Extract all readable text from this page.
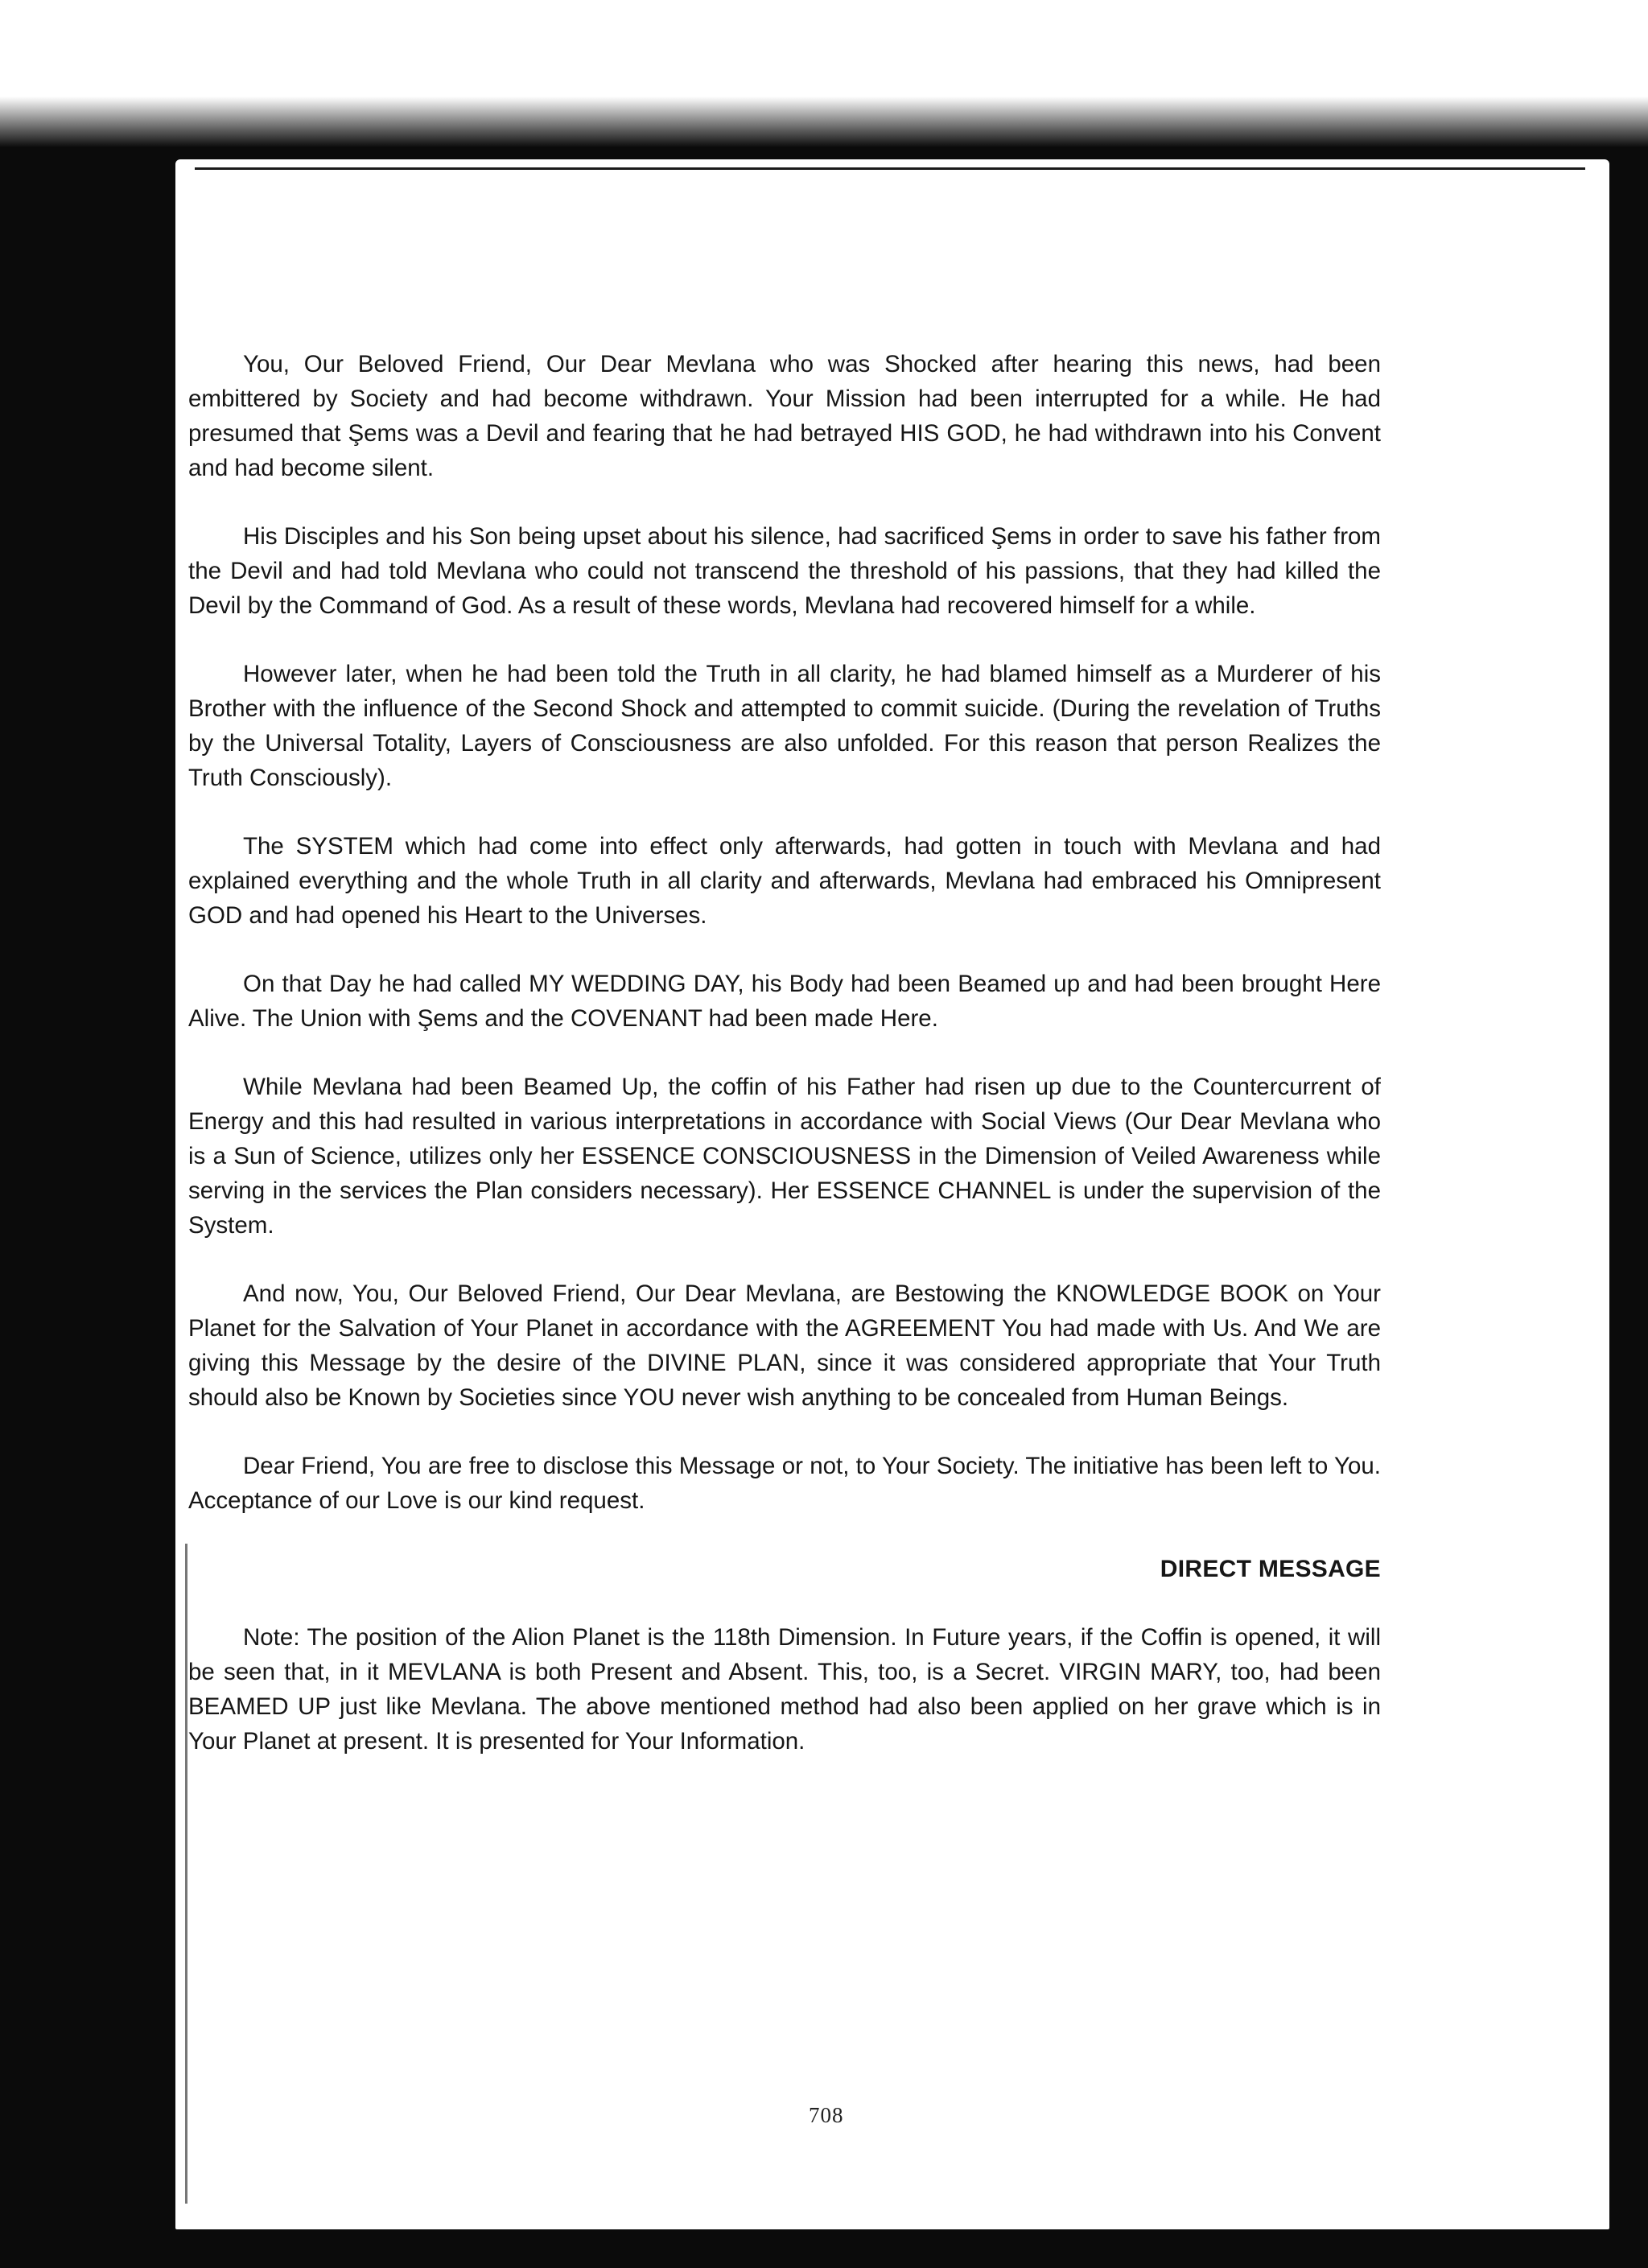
You, Our Beloved Friend, Our Dear Mevlana who was Shocked after hearing this news, had been embittered by Society and had become withdrawn. Your Mission had been interrupted for a while. He had presumed that Şems was a Devil and fearing that he had betrayed HIS GOD, he had withdrawn into his Convent and had become silent.

His Disciples and his Son being upset about his silence, had sacrificed Şems in order to save his father from the Devil and had told Mevlana who could not transcend the threshold of his passions, that they had killed the Devil by the Command of God. As a result of these words, Mevlana had recovered himself for a while.

However later, when he had been told the Truth in all clarity, he had blamed himself as a Murderer of his Brother with the influence of the Second Shock and attempted to commit suicide. (During the revelation of Truths by the Universal Totality, Layers of Consciousness are also unfolded. For this reason that person Realizes the Truth Consciously).

The SYSTEM which had come into effect only afterwards, had gotten in touch with Mevlana and had explained everything and the whole Truth in all clarity and afterwards, Mevlana had embraced his Omnipresent GOD and had opened his Heart to the Universes.

On that Day he had called MY WEDDING DAY, his Body had been Beamed up and had been brought Here Alive. The Union with Şems and the COVENANT had been made Here.

While Mevlana had been Beamed Up, the coffin of his Father had risen up due to the Countercurrent of Energy and this had resulted in various interpretations in accordance with Social Views (Our Dear Mevlana who is a Sun of Science, utilizes only her ESSENCE CONSCIOUSNESS in the Dimension of Veiled Awareness while serving in the services the Plan considers necessary). Her ESSENCE CHANNEL is under the supervision of the System.

And now, You, Our Beloved Friend, Our Dear Mevlana, are Bestowing the KNOWLEDGE BOOK on Your Planet for the Salvation of Your Planet in accordance with the AGREEMENT You had made with Us. And We are giving this Message by the desire of the DIVINE PLAN, since it was considered appropriate that Your Truth should also be Known by Societies since YOU never wish anything to be concealed from Human Beings.

Dear Friend, You are free to disclose this Message or not, to Your Society. The initiative has been left to You. Acceptance of our Love is our kind request.

DIRECT MESSAGE

Note: The position of the Alion Planet is the 118th Dimension. In Future years, if the Coffin is opened, it will be seen that, in it MEVLANA is both Present and Absent. This, too, is a Secret. VIRGIN MARY, too, had been BEAMED UP just like Mevlana. The above mentioned method had also been applied on her grave which is in Your Planet at present. It is presented for Your Information.

708
